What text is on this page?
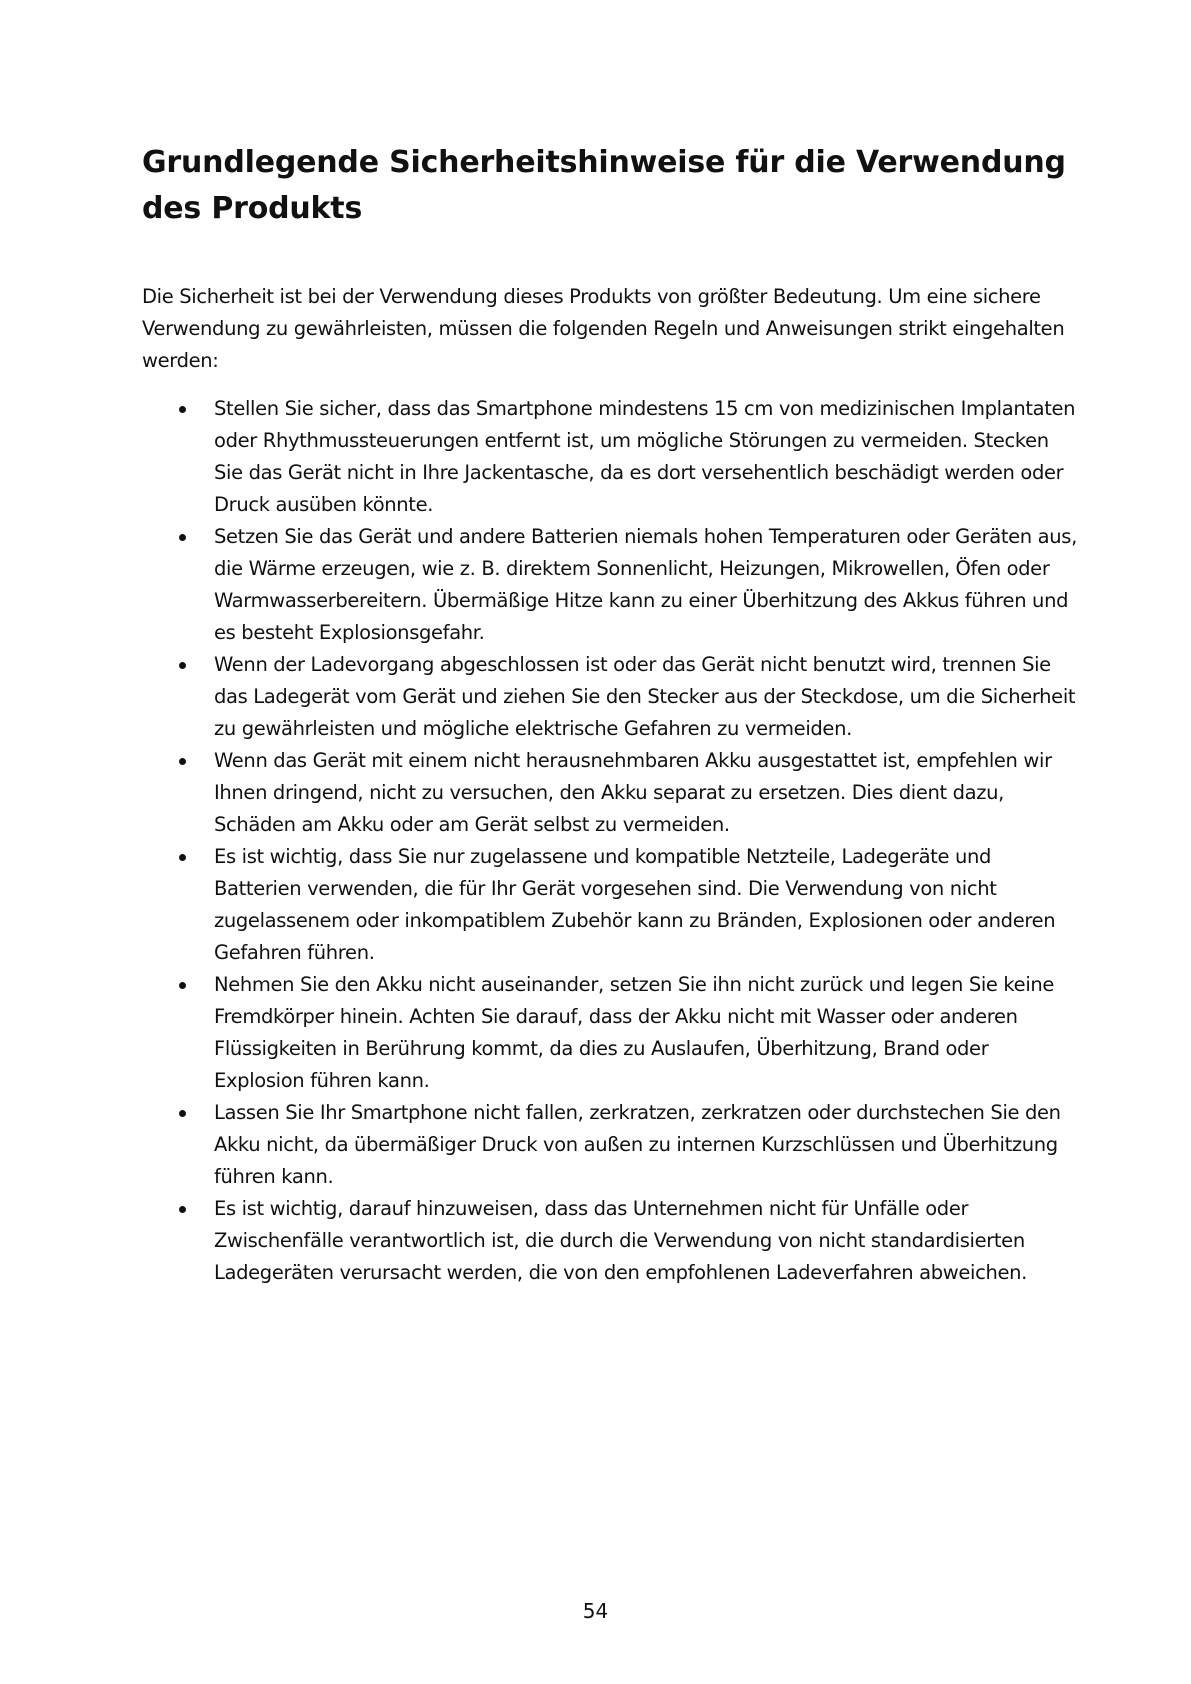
Grundlegende Sicherheitshinweise für die Verwendung des Produkts

Die Sicherheit ist bei der Verwendung dieses Produkts von größter Bedeutung. Um eine sichere Verwendung zu gewährleisten, müssen die folgenden Regeln und Anweisungen strikt eingehalten werden:

Stellen Sie sicher, dass das Smartphone mindestens 15 cm von medizinischen Implantaten oder Rhythmussteuerungen entfernt ist, um mögliche Störungen zu vermeiden. Stecken Sie das Gerät nicht in Ihre Jackentasche, da es dort versehentlich beschädigt werden oder Druck ausüben könnte.
Setzen Sie das Gerät und andere Batterien niemals hohen Temperaturen oder Geräten aus, die Wärme erzeugen, wie z. B. direktem Sonnenlicht, Heizungen, Mikrowellen, Öfen oder Warmwasserbereitern. Übermäßige Hitze kann zu einer Überhitzung des Akkus führen und es besteht Explosionsgefahr.
Wenn der Ladevorgang abgeschlossen ist oder das Gerät nicht benutzt wird, trennen Sie das Ladegerät vom Gerät und ziehen Sie den Stecker aus der Steckdose, um die Sicherheit zu gewährleisten und mögliche elektrische Gefahren zu vermeiden.
Wenn das Gerät mit einem nicht herausnehmbaren Akku ausgestattet ist, empfehlen wir Ihnen dringend, nicht zu versuchen, den Akku separat zu ersetzen. Dies dient dazu, Schäden am Akku oder am Gerät selbst zu vermeiden.
Es ist wichtig, dass Sie nur zugelassene und kompatible Netzteile, Ladegeräte und Batterien verwenden, die für Ihr Gerät vorgesehen sind. Die Verwendung von nicht zugelassenem oder inkompatiblem Zubehör kann zu Bränden, Explosionen oder anderen Gefahren führen.
Nehmen Sie den Akku nicht auseinander, setzen Sie ihn nicht zurück und legen Sie keine Fremdkörper hinein. Achten Sie darauf, dass der Akku nicht mit Wasser oder anderen Flüssigkeiten in Berührung kommt, da dies zu Auslaufen, Überhitzung, Brand oder Explosion führen kann.
Lassen Sie Ihr Smartphone nicht fallen, zerkratzen, zerkratzen oder durchstechen Sie den Akku nicht, da übermäßiger Druck von außen zu internen Kurzschlüssen und Überhitzung führen kann.
Es ist wichtig, darauf hinzuweisen, dass das Unternehmen nicht für Unfälle oder Zwischenfälle verantwortlich ist, die durch die Verwendung von nicht standardisierten Ladegeräten verursacht werden, die von den empfohlenen Ladeverfahren abweichen.

54
